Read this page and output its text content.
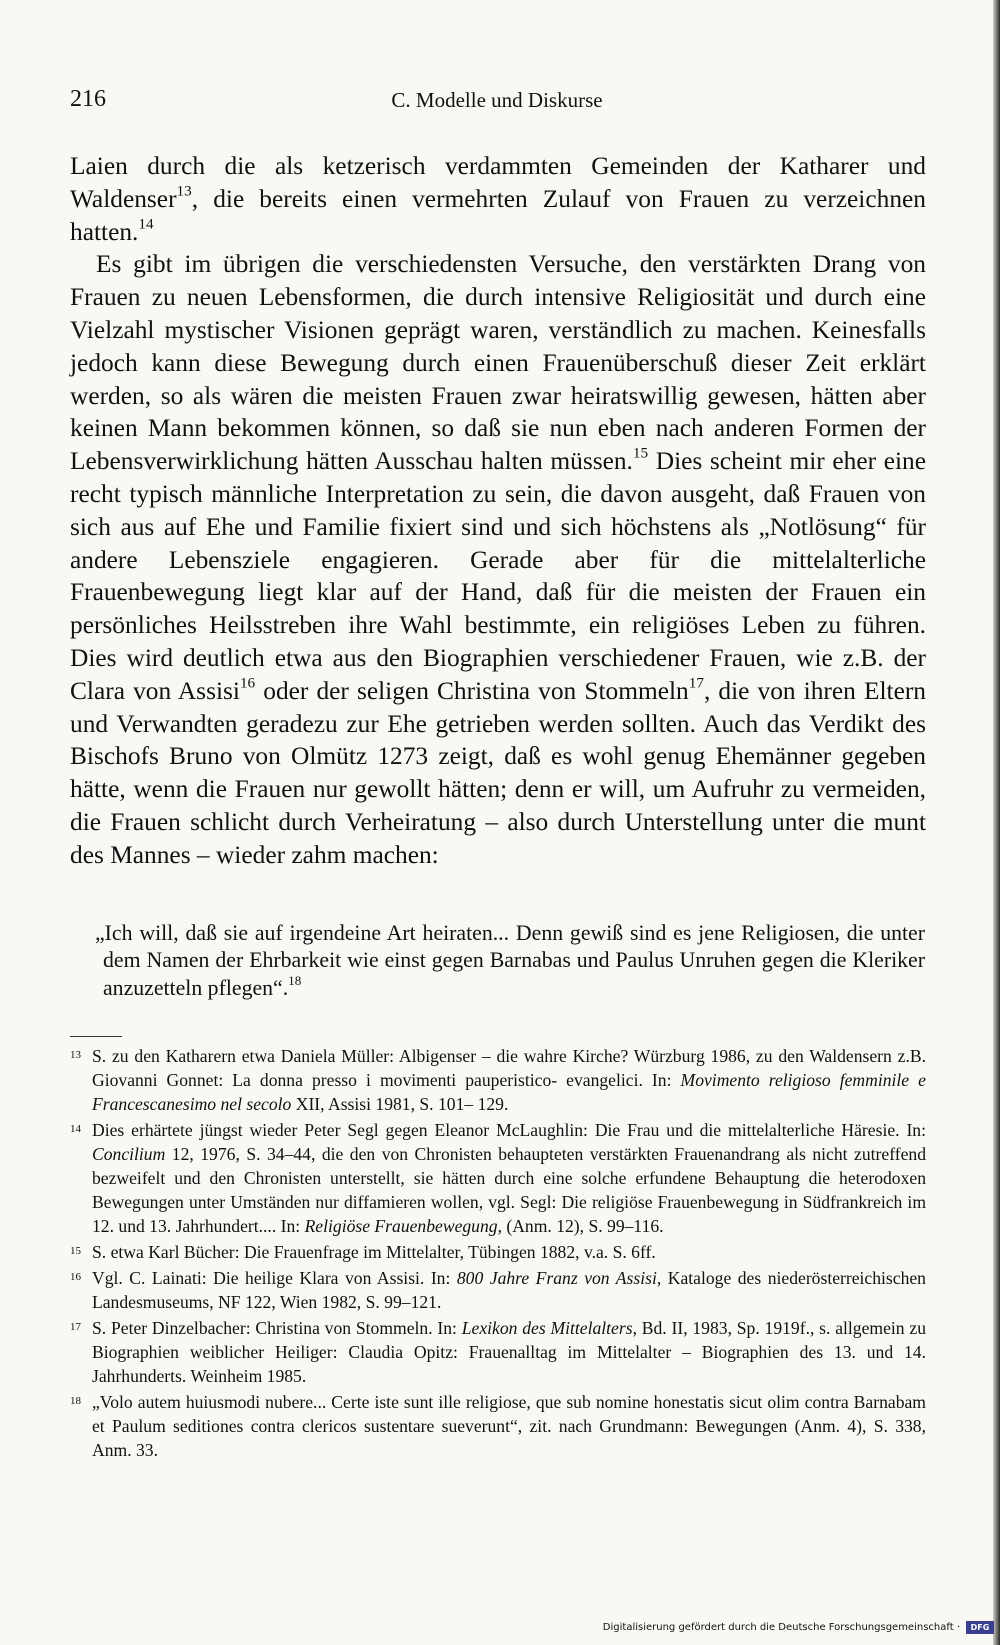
216	C. Modelle und Diskurse

Laien durch die als ketzerisch verdammten Gemeinden der Katharer und Waldenser$^{13}$, die bereits einen vermehrten Zulauf von Frauen zu verzeichnen hatten.$^{14}$

Es gibt im übrigen die verschiedensten Versuche, den verstärkten Drang von Frauen zu neuen Lebensformen, die durch intensive Religiosität und durch eine Vielzahl mystischer Visionen geprägt waren, verständlich zu machen. Keinesfalls jedoch kann diese Bewegung durch einen Frauenüberschuß dieser Zeit erklärt werden, so als wären die meisten Frauen zwar heiratswillig gewesen, hätten aber keinen Mann bekommen können, so daß sie nun eben nach anderen Formen der Lebensverwirklichung hätten Ausschau halten müssen.$^{15}$ Dies scheint mir eher eine recht typisch männliche Interpretation zu sein, die davon ausgeht, daß Frauen von sich aus auf Ehe und Familie fixiert sind und sich höchstens als „Notlösung“ für andere Lebensziele engagieren. Gerade aber für die mittelalterliche Frauenbewegung liegt klar auf der Hand, daß für die meisten der Frauen ein persönliches Heilsstreben ihre Wahl bestimmte, ein religiöses Leben zu führen. Dies wird deutlich etwa aus den Biographien verschiedener Frauen, wie z.B. der Clara von Assisi$^{16}$ oder der seligen Christina von Stommeln$^{17}$, die von ihren Eltern und Verwandten geradezu zur Ehe getrieben werden sollten. Auch das Verdikt des Bischofs Bruno von Olmütz 1273 zeigt, daß es wohl genug Ehemänner gegeben hätte, wenn die Frauen nur gewollt hätten; denn er will, um Aufruhr zu vermeiden, die Frauen schlicht durch Verheiratung – also durch Unterstellung unter die munt des Mannes – wieder zahm machen:

„Ich will, daß sie auf irgendeine Art heiraten... Denn gewiß sind es jene Religiosen, die unter dem Namen der Ehrbarkeit wie einst gegen Barnabas und Paulus Unruhen gegen die Kleriker anzuzetteln pflegen“.$^{18}$

13 S. zu den Katharern etwa Daniela Müller: Albigenser – die wahre Kirche? Würzburg 1986, zu den Waldensern z.B. Giovanni Gonnet: La donna presso i movimenti pauperistico- evangelici. In: Movimento religioso femminile e Francescanesimo nel secolo XII, Assisi 1981, S. 101– 129.
14 Dies erhärtete jüngst wieder Peter Segl gegen Eleanor McLaughlin: Die Frau und die mittelalterliche Häresie. In: Concilium 12, 1976, S. 34–44, die den von Chronisten behaupteten verstärkten Frauenandrang als nicht zutreffend bezweifelt und den Chronisten unterstellt, sie hätten durch eine solche erfundene Behauptung die heterodoxen Bewegungen unter Umständen nur diffamieren wollen, vgl. Segl: Die religiöse Frauenbewegung in Südfrankreich im 12. und 13. Jahrhundert.... In: Religiöse Frauenbewegung, (Anm. 12), S. 99–116.
15 S. etwa Karl Bücher: Die Frauenfrage im Mittelalter, Tübingen 1882, v.a. S. 6ff.
16 Vgl. C. Lainati: Die heilige Klara von Assisi. In: 800 Jahre Franz von Assisi, Kataloge des niederösterreichischen Landesmuseums, NF 122, Wien 1982, S. 99–121.
17 S. Peter Dinzelbacher: Christina von Stommeln. In: Lexikon des Mittelalters, Bd. II, 1983, Sp. 1919f., s. allgemein zu Biographien weiblicher Heiliger: Claudia Opitz: Frauenalltag im Mittelalter – Biographien des 13. und 14. Jahrhunderts. Weinheim 1985.
18 „Volo autem huiusmodi nubere... Certe iste sunt ille religiose, que sub nomine honestatis sicut olim contra Barnabam et Paulum seditiones contra clericos sustentare sueverunt“, zit. nach Grundmann: Bewegungen (Anm. 4), S. 338, Anm. 33.
Digitalisierung gefördert durch die Deutsche Forschungsgemeinschaft ·	DFG
